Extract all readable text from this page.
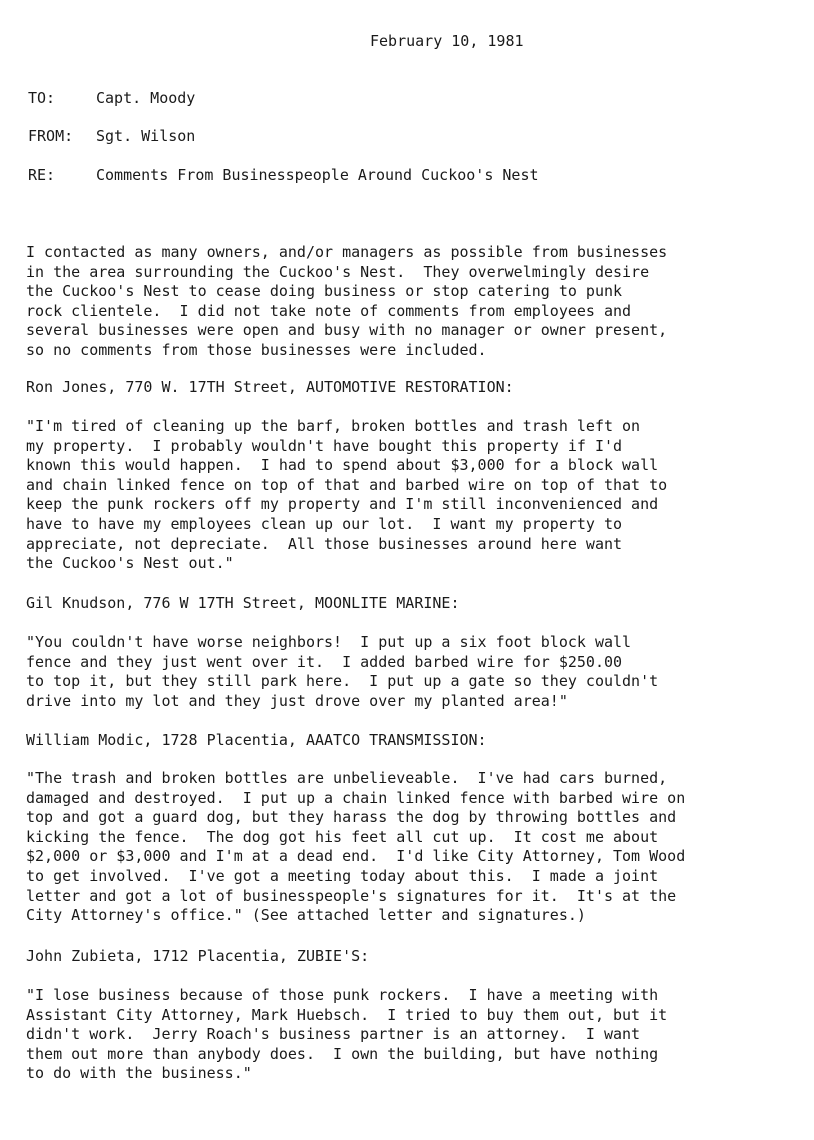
February 10, 1981
TO:	Capt. Moody
FROM: Sgt. Wilson
RE:	Comments From Businesspeople Around Cuckoo's Nest
I contacted as many owners, and/or managers as possible from businesses
in the area surrounding the Cuckoo's Nest.  They overwelmingly desire
the Cuckoo's Nest to cease doing business or stop catering to punk
rock clientele.  I did not take note of comments from employees and
several businesses were open and busy with no manager or owner present,
so no comments from those businesses were included.
Ron Jones, 770 W. 17TH Street, AUTOMOTIVE RESTORATION:
"I'm tired of cleaning up the barf, broken bottles and trash left on
my property.  I probably wouldn't have bought this property if I'd
known this would happen.  I had to spend about $3,000 for a block wall
and chain linked fence on top of that and barbed wire on top of that to
keep the punk rockers off my property and I'm still inconvenienced and
have to have my employees clean up our lot.  I want my property to
appreciate, not depreciate.  All those businesses around here want
the Cuckoo's Nest out."
Gil Knudson, 776 W 17TH Street, MOONLITE MARINE:
"You couldn't have worse neighbors!  I put up a six foot block wall
fence and they just went over it.  I added barbed wire for $250.00
to top it, but they still park here.  I put up a gate so they couldn't
drive into my lot and they just drove over my planted area!"
William Modic, 1728 Placentia, AAATCO TRANSMISSION:
"The trash and broken bottles are unbelieveable.  I've had cars burned,
damaged and destroyed.  I put up a chain linked fence with barbed wire on
top and got a guard dog, but they harass the dog by throwing bottles and
kicking the fence.  The dog got his feet all cut up.  It cost me about
$2,000 or $3,000 and I'm at a dead end.  I'd like City Attorney, Tom Wood
to get involved.  I've got a meeting today about this.  I made a joint
letter and got a lot of businesspeople's signatures for it.  It's at the
City Attorney's office." (See attached letter and signatures.)
John Zubieta, 1712 Placentia, ZUBIE'S:
"I lose business because of those punk rockers.  I have a meeting with
Assistant City Attorney, Mark Huebsch.  I tried to buy them out, but it
didn't work.  Jerry Roach's business partner is an attorney.  I want
them out more than anybody does.  I own the building, but have nothing
to do with the business."
